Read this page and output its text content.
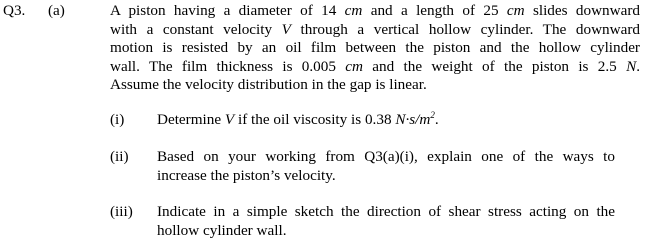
Q3. (a)	A piston having a diameter of 14 cm and a length of 25 cm slides downward
with a constant velocity V through a vertical hollow cylinder. The downward
motion is resisted by an oil film between the piston and the hollow cylinder
wall. The film thickness is 0.005 cm and the weight of the piston is 2.5 N.
Assume the velocity distribution in the gap is linear.
(i) Determine V if the oil viscosity is 0.38 $N\cdot s/m^2$.
(ii) Based on your working from Q3(a)(i), explain one of the ways to
increase the piston’s velocity.
(iii) Indicate in a simple sketch the direction of shear stress acting on the
hollow cylinder wall.
